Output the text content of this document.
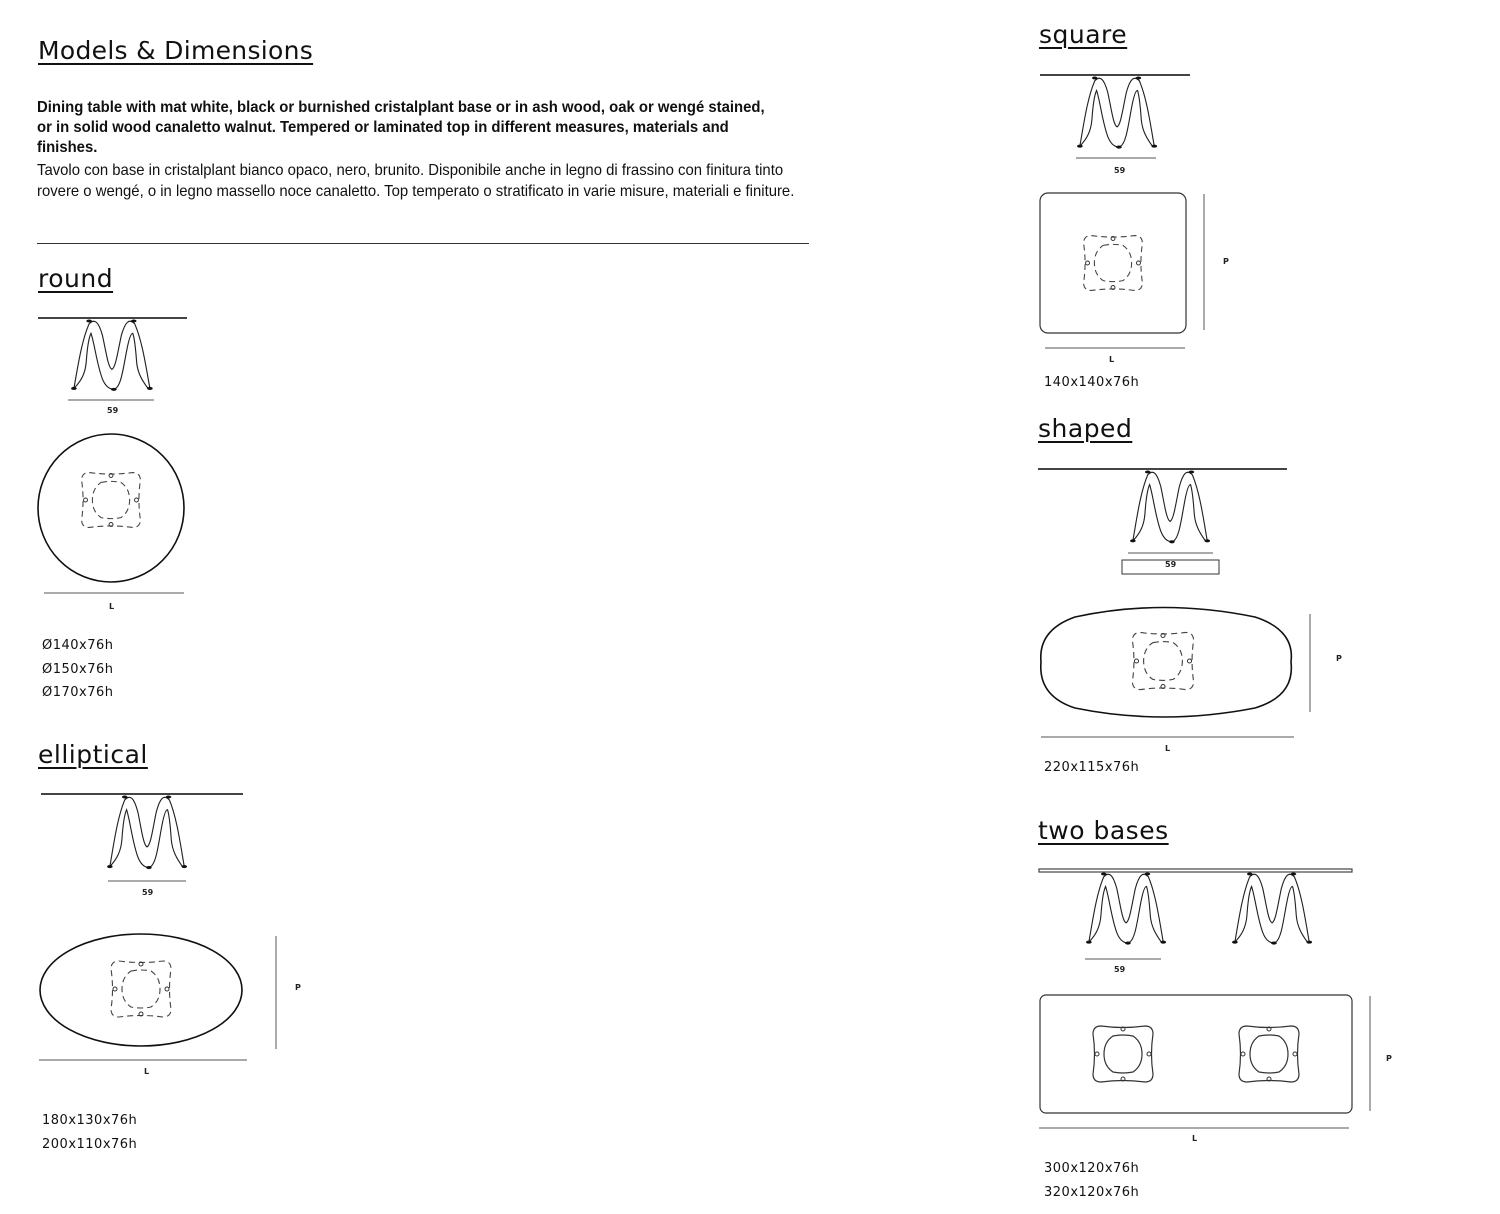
Models & Dimensions
Dining table with mat white, black or burnished cristalplant base or in ash wood, oak or wengé stained, or in solid wood canaletto walnut. Tempered or laminated top in different measures, materials and finishes.
Tavolo con base in cristalplant bianco opaco, nero, brunito. Disponibile anche in legno di frassino con finitura tinto rovere o wengé, o in legno massello noce canaletto. Top temperato o stratificato in varie misure, materiali e finiture.
round
59
L
Ø140x76h
Ø150x76h
Ø170x76h
elliptical
59
P
L
180x130x76h
200x110x76h
square
59
P
L
140x140x76h
shaped
59
P
L
220x115x76h
two bases
59
P
L
300x120x76h
320x120x76h
